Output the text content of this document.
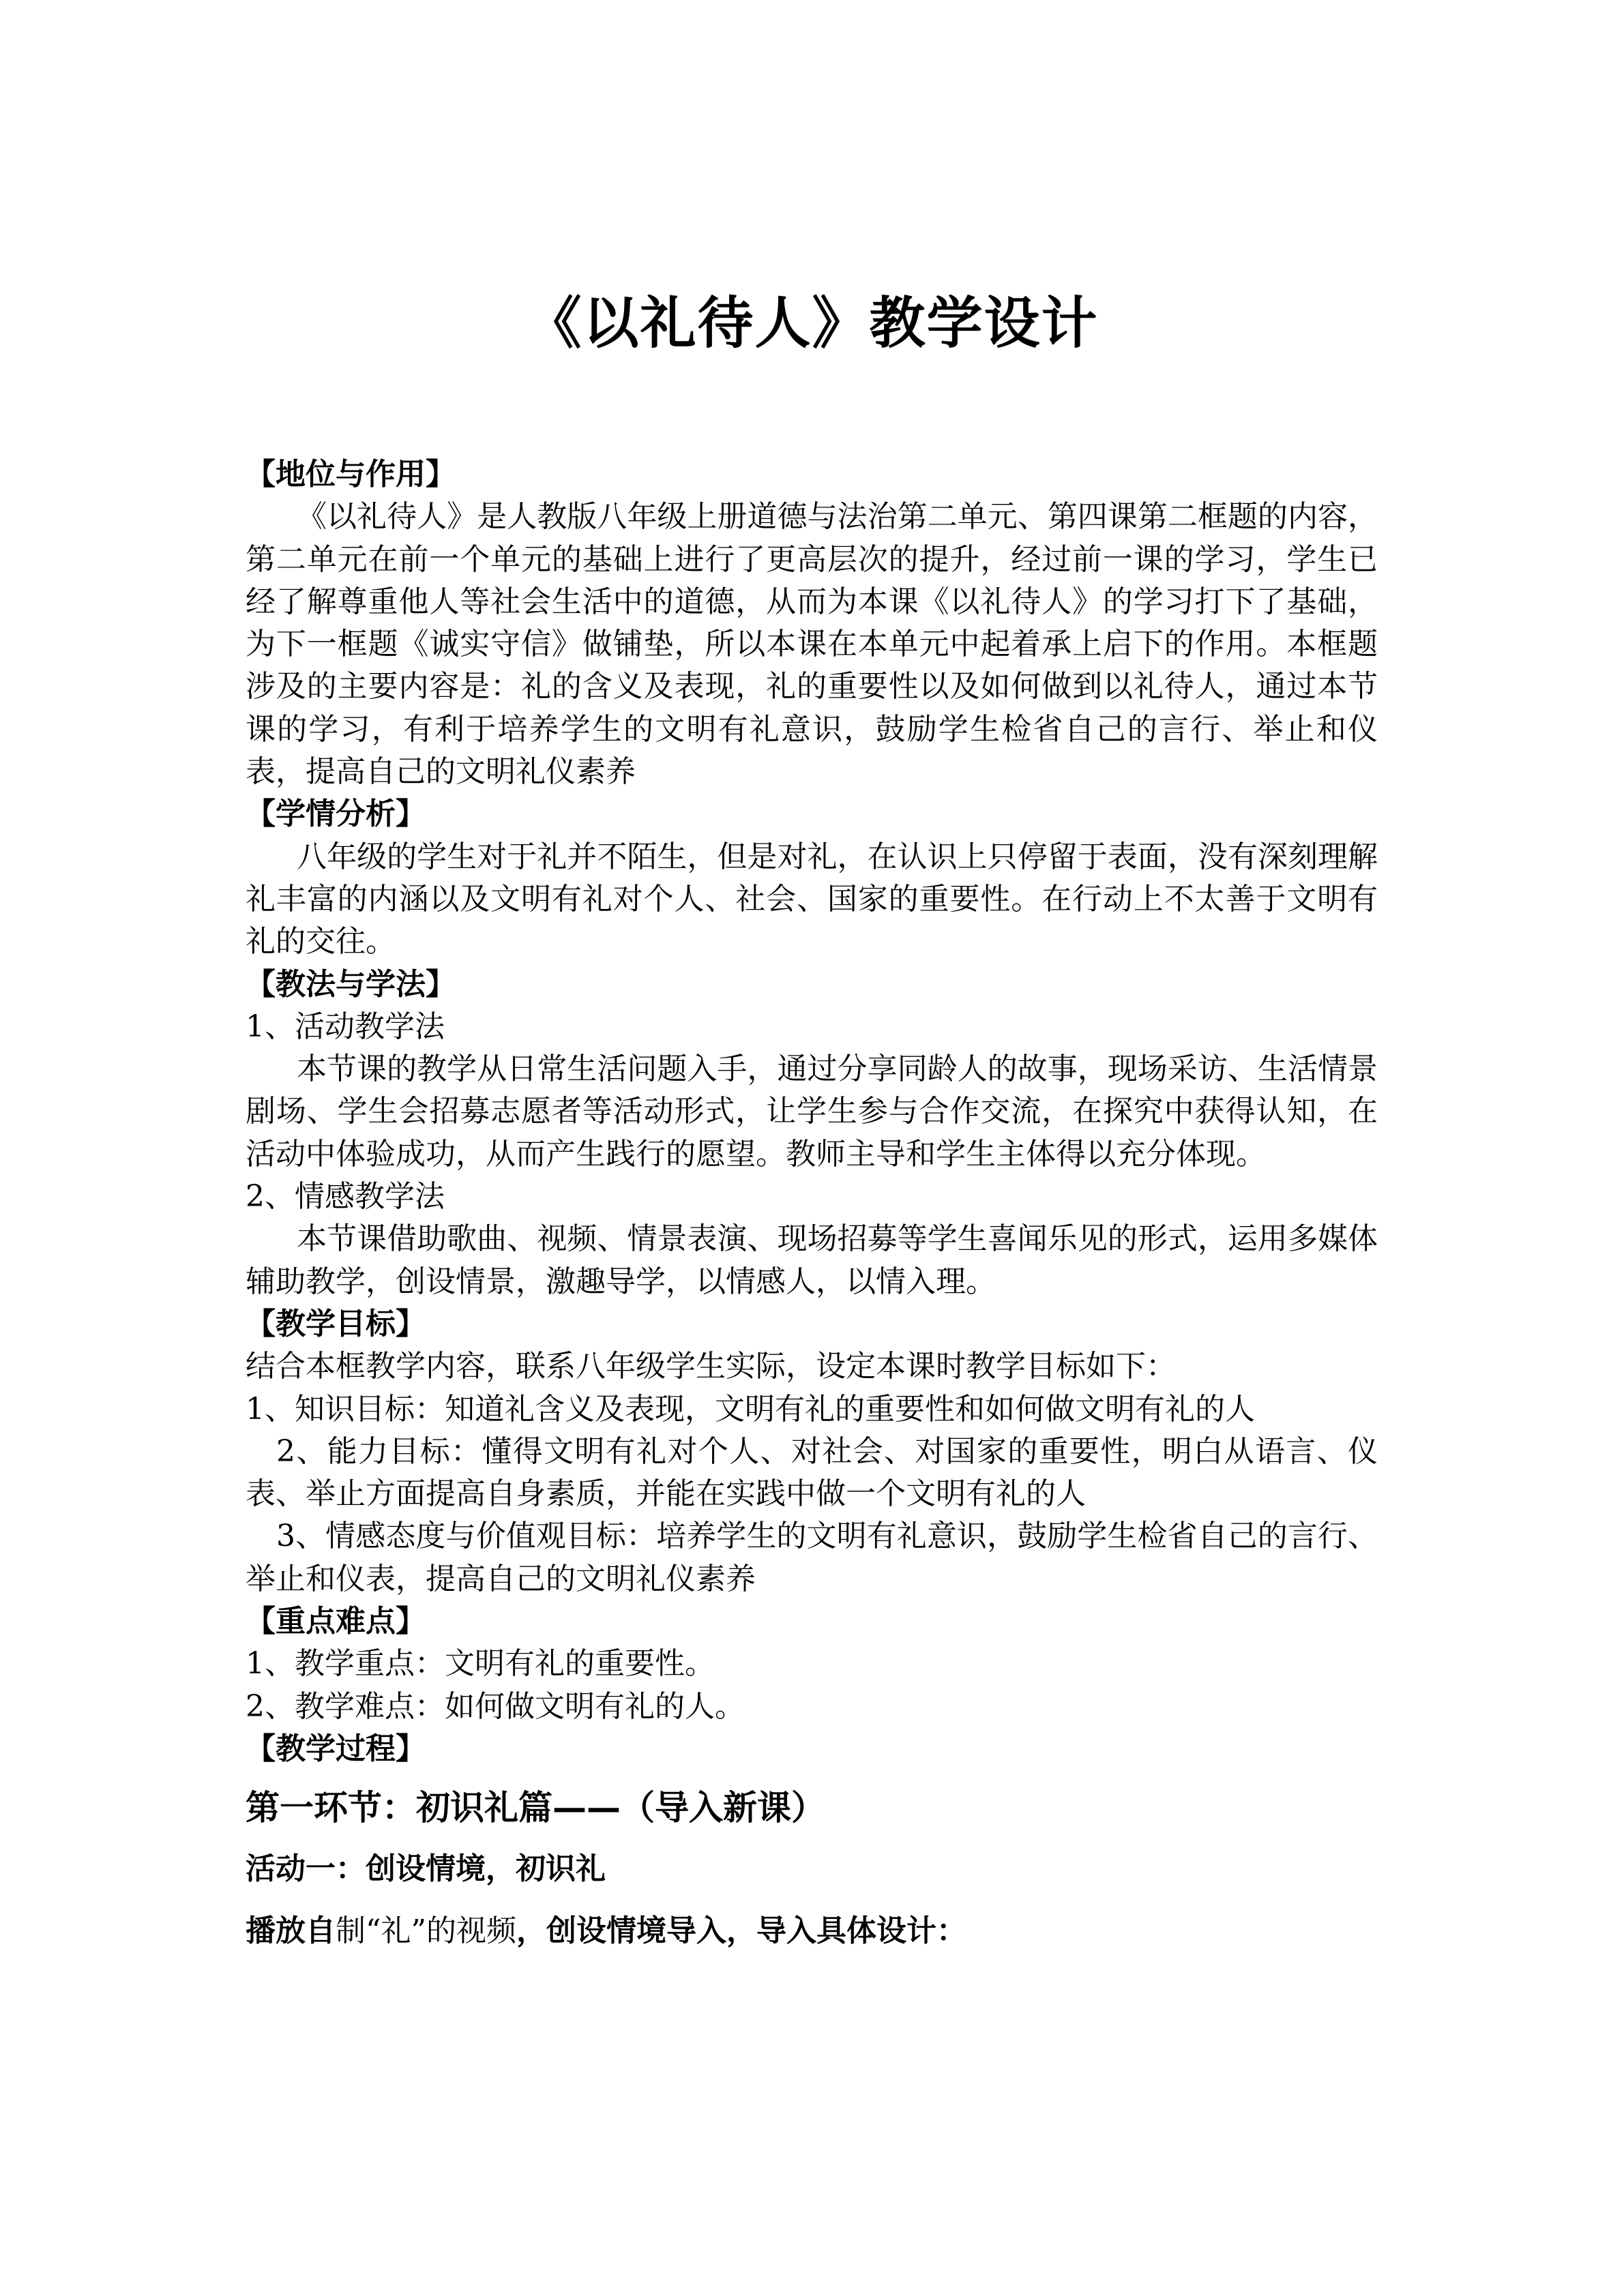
《以礼待人》教学设计
【地位与作用】

《以礼待人》是人教版八年级上册道德与法治第二单元、第四课第二框题的内容，第二单元在前一个单元的基础上进行了更高层次的提升，经过前一课的学习，学生已经了解尊重他人等社会生活中的道德，从而为本课《以礼待人》的学习打下了基础，为下一框题《诚实守信》做铺垫，所以本课在本单元中起着承上启下的作用。本框题涉及的主要内容是：礼的含义及表现，礼的重要性以及如何做到以礼待人，通过本节课的学习，有利于培养学生的文明有礼意识，鼓励学生检省自己的言行、举止和仪表，提高自己的文明礼仪素养

【学情分析】

八年级的学生对于礼并不陌生，但是对礼，在认识上只停留于表面，没有深刻理解礼丰富的内涵以及文明有礼对个人、社会、国家的重要性。在行动上不太善于文明有礼的交往。

【教法与学法】
1、活动教学法

本节课的教学从日常生活问题入手，通过分享同龄人的故事，现场采访、生活情景剧场、学生会招募志愿者等活动形式，让学生参与合作交流，在探究中获得认知，在活动中体验成功，从而产生践行的愿望。教师主导和学生主体得以充分体现。

2、情感教学法

本节课借助歌曲、视频、情景表演、现场招募等学生喜闻乐见的形式，运用多媒体辅助教学，创设情景，激趣导学，以情感人，以情入理。

【教学目标】
结合本框教学内容，联系八年级学生实际，设定本课时教学目标如下：
1、知识目标：知道礼含义及表现，文明有礼的重要性和如何做文明有礼的人

2、能力目标：懂得文明有礼对个人、对社会、对国家的重要性，明白从语言、仪表、举止方面提高自身素质，并能在实践中做一个文明有礼的人

3、情感态度与价值观目标：培养学生的文明有礼意识，鼓励学生检省自己的言行、举止和仪表，提高自己的文明礼仪素养

【重点难点】
1、教学重点：文明有礼的重要性。
2、教学难点：如何做文明有礼的人。
【教学过程】
第一环节：初识礼篇——（导入新课）
活动一：创设情境，初识礼
播放自制“礼”的视频，创设情境导入，导入具体设计：
